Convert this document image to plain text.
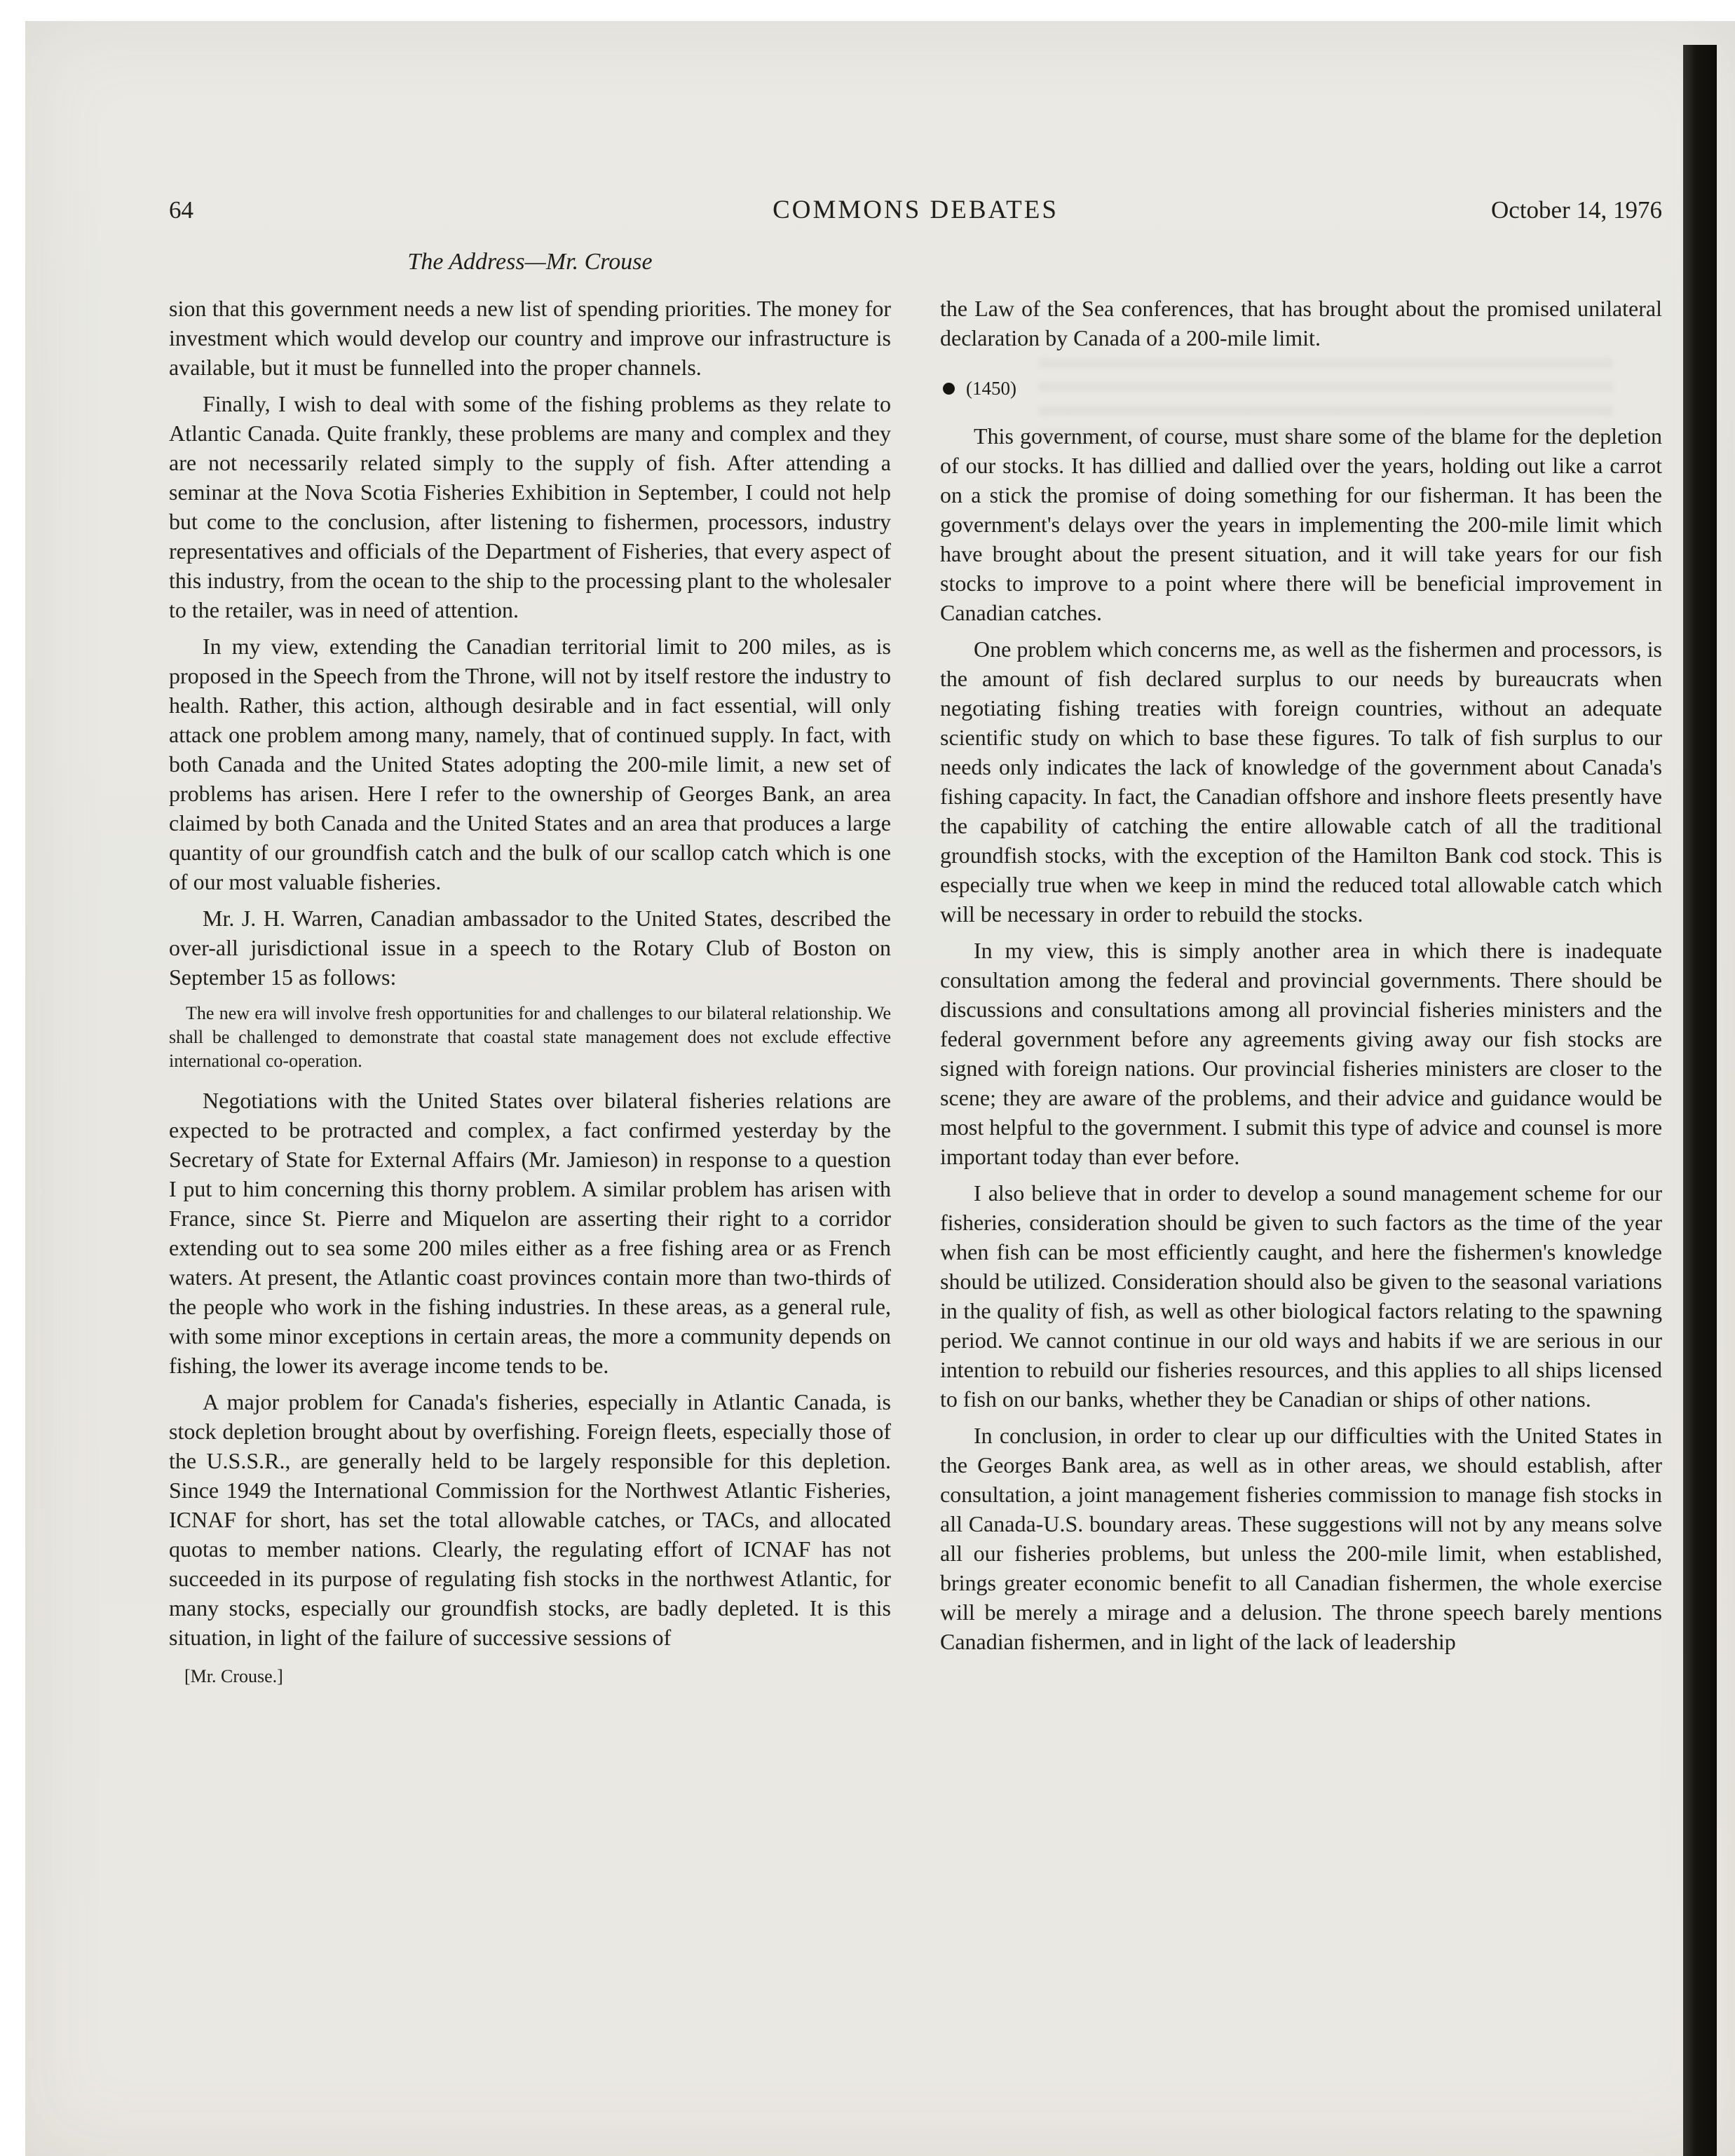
64	COMMONS DEBATES	October 14, 1976
The Address—Mr. Crouse

sion that this government needs a new list of spending priorities. The money for investment which would develop our country and improve our infrastructure is available, but it must be funnelled into the proper channels.

Finally, I wish to deal with some of the fishing problems as they relate to Atlantic Canada. Quite frankly, these problems are many and complex and they are not necessarily related simply to the supply of fish. After attending a seminar at the Nova Scotia Fisheries Exhibition in September, I could not help but come to the conclusion, after listening to fishermen, processors, industry representatives and officials of the Department of Fisheries, that every aspect of this industry, from the ocean to the ship to the processing plant to the wholesaler to the retailer, was in need of attention.

In my view, extending the Canadian territorial limit to 200 miles, as is proposed in the Speech from the Throne, will not by itself restore the industry to health. Rather, this action, although desirable and in fact essential, will only attack one problem among many, namely, that of continued supply. In fact, with both Canada and the United States adopting the 200-mile limit, a new set of problems has arisen. Here I refer to the ownership of Georges Bank, an area claimed by both Canada and the United States and an area that produces a large quantity of our groundfish catch and the bulk of our scallop catch which is one of our most valuable fisheries.

Mr. J. H. Warren, Canadian ambassador to the United States, described the over-all jurisdictional issue in a speech to the Rotary Club of Boston on September 15 as follows:

The new era will involve fresh opportunities for and challenges to our bilateral relationship. We shall be challenged to demonstrate that coastal state management does not exclude effective international co-operation.

Negotiations with the United States over bilateral fisheries relations are expected to be protracted and complex, a fact confirmed yesterday by the Secretary of State for External Affairs (Mr. Jamieson) in response to a question I put to him concerning this thorny problem. A similar problem has arisen with France, since St. Pierre and Miquelon are asserting their right to a corridor extending out to sea some 200 miles either as a free fishing area or as French waters. At present, the Atlantic coast provinces contain more than two-thirds of the people who work in the fishing industries. In these areas, as a general rule, with some minor exceptions in certain areas, the more a community depends on fishing, the lower its average income tends to be.

A major problem for Canada's fisheries, especially in Atlantic Canada, is stock depletion brought about by overfishing. Foreign fleets, especially those of the U.S.S.R., are generally held to be largely responsible for this depletion. Since 1949 the International Commission for the Northwest Atlantic Fisheries, ICNAF for short, has set the total allowable catches, or TACs, and allocated quotas to member nations. Clearly, the regulating effort of ICNAF has not succeeded in its purpose of regulating fish stocks in the northwest Atlantic, for many stocks, especially our groundfish stocks, are badly depleted. It is this situation, in light of the failure of successive sessions of

[Mr. Crouse.]

the Law of the Sea conferences, that has brought about the promised unilateral declaration by Canada of a 200-mile limit.

(1450)

This government, of course, must share some of the blame for the depletion of our stocks. It has dillied and dallied over the years, holding out like a carrot on a stick the promise of doing something for our fisherman. It has been the government's delays over the years in implementing the 200-mile limit which have brought about the present situation, and it will take years for our fish stocks to improve to a point where there will be beneficial improvement in Canadian catches.

One problem which concerns me, as well as the fishermen and processors, is the amount of fish declared surplus to our needs by bureaucrats when negotiating fishing treaties with foreign countries, without an adequate scientific study on which to base these figures. To talk of fish surplus to our needs only indicates the lack of knowledge of the government about Canada's fishing capacity. In fact, the Canadian offshore and inshore fleets presently have the capability of catching the entire allowable catch of all the traditional groundfish stocks, with the exception of the Hamilton Bank cod stock. This is especially true when we keep in mind the reduced total allowable catch which will be necessary in order to rebuild the stocks.

In my view, this is simply another area in which there is inadequate consultation among the federal and provincial governments. There should be discussions and consultations among all provincial fisheries ministers and the federal government before any agreements giving away our fish stocks are signed with foreign nations. Our provincial fisheries ministers are closer to the scene; they are aware of the problems, and their advice and guidance would be most helpful to the government. I submit this type of advice and counsel is more important today than ever before.

I also believe that in order to develop a sound management scheme for our fisheries, consideration should be given to such factors as the time of the year when fish can be most efficiently caught, and here the fishermen's knowledge should be utilized. Consideration should also be given to the seasonal variations in the quality of fish, as well as other biological factors relating to the spawning period. We cannot continue in our old ways and habits if we are serious in our intention to rebuild our fisheries resources, and this applies to all ships licensed to fish on our banks, whether they be Canadian or ships of other nations.

In conclusion, in order to clear up our difficulties with the United States in the Georges Bank area, as well as in other areas, we should establish, after consultation, a joint management fisheries commission to manage fish stocks in all Canada-U.S. boundary areas. These suggestions will not by any means solve all our fisheries problems, but unless the 200-mile limit, when established, brings greater economic benefit to all Canadian fishermen, the whole exercise will be merely a mirage and a delusion. The throne speech barely mentions Canadian fishermen, and in light of the lack of leadership
